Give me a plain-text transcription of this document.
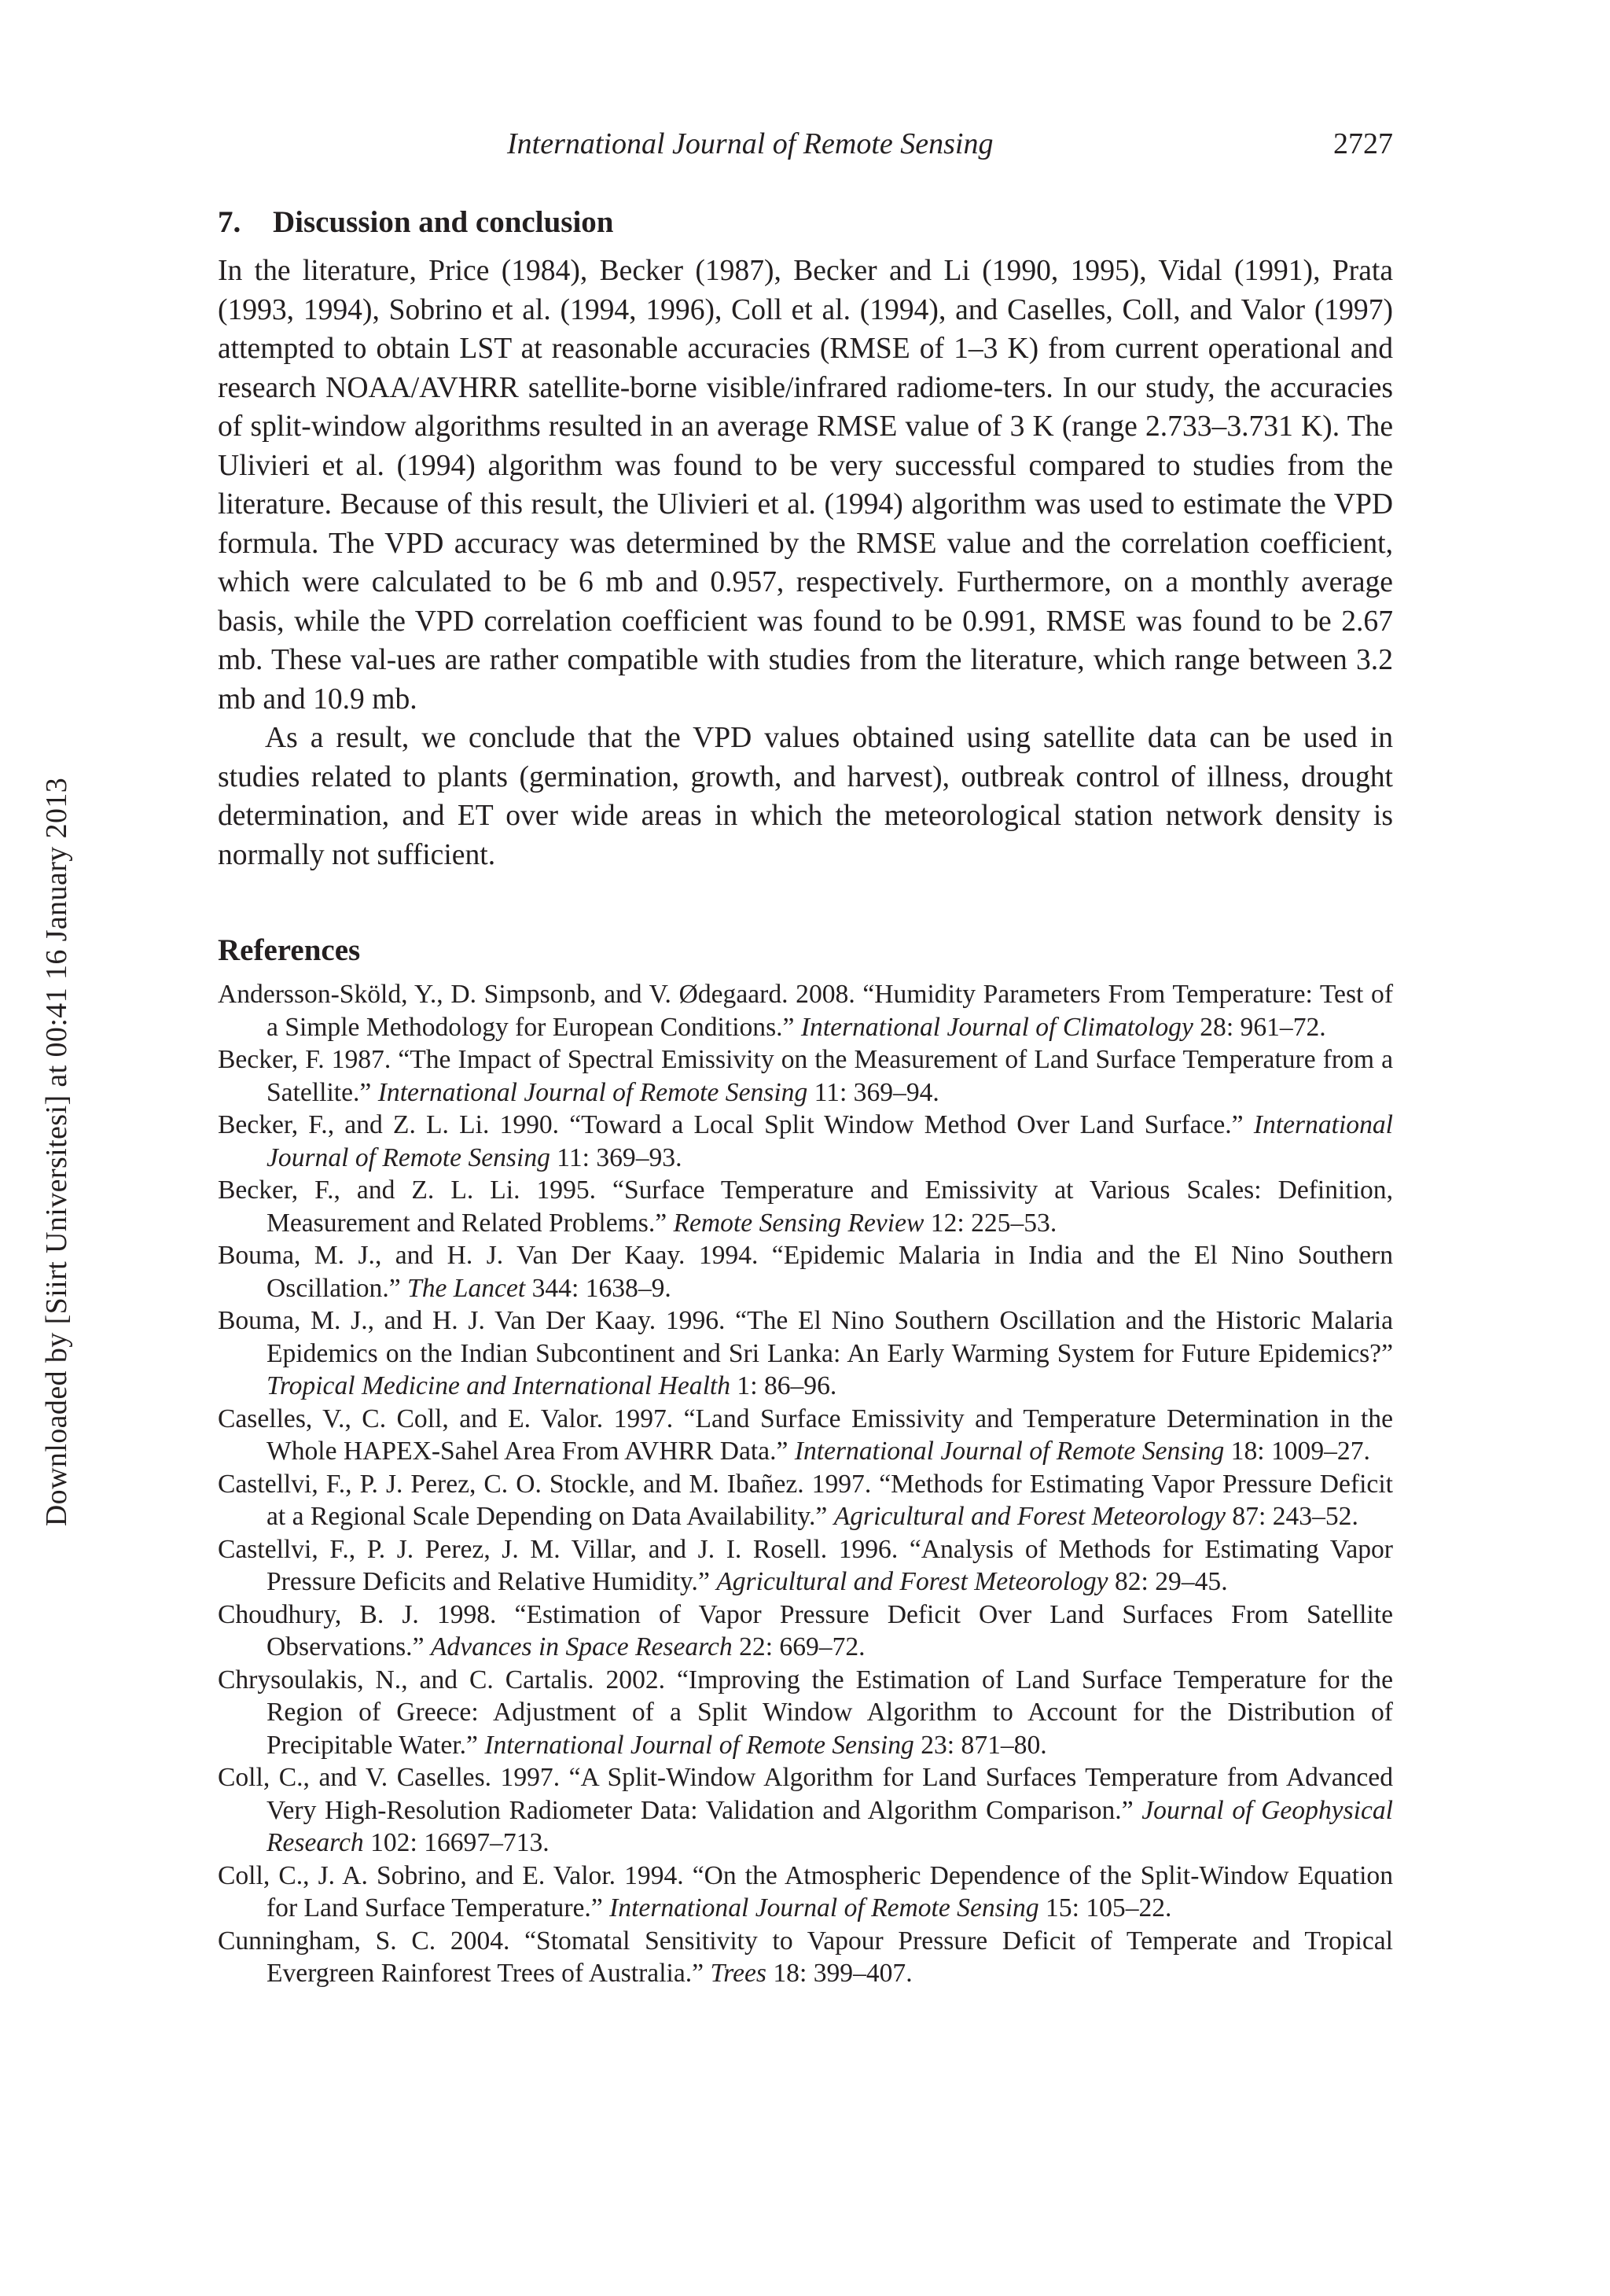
International Journal of Remote Sensing	2727
Downloaded by [Siirt Universitesi] at 00:41 16 January 2013
7. Discussion and conclusion

In the literature, Price (1984), Becker (1987), Becker and Li (1990, 1995), Vidal (1991), Prata (1993, 1994), Sobrino et al. (1994, 1996), Coll et al. (1994), and Caselles, Coll, and Valor (1997) attempted to obtain LST at reasonable accuracies (RMSE of 1–3 K) from current operational and research NOAA/AVHRR satellite-borne visible/infrared radiome-ters. In our study, the accuracies of split-window algorithms resulted in an average RMSE value of 3 K (range 2.733–3.731 K). The Ulivieri et al. (1994) algorithm was found to be very successful compared to studies from the literature. Because of this result, the Ulivieri et al. (1994) algorithm was used to estimate the VPD formula. The VPD accuracy was determined by the RMSE value and the correlation coefficient, which were calculated to be 6 mb and 0.957, respectively. Furthermore, on a monthly average basis, while the VPD correlation coefficient was found to be 0.991, RMSE was found to be 2.67 mb. These val-ues are rather compatible with studies from the literature, which range between 3.2 mb and 10.9 mb.

As a result, we conclude that the VPD values obtained using satellite data can be used in studies related to plants (germination, growth, and harvest), outbreak control of illness, drought determination, and ET over wide areas in which the meteorological station network density is normally not sufficient.

References
Andersson-Sköld, Y., D. Simpsonb, and V. Ødegaard. 2008. “Humidity Parameters From Temperature: Test of a Simple Methodology for European Conditions.” International Journal of Climatology 28: 961–72.
Becker, F. 1987. “The Impact of Spectral Emissivity on the Measurement of Land Surface Temperature from a Satellite.” International Journal of Remote Sensing 11: 369–94.
Becker, F., and Z. L. Li. 1990. “Toward a Local Split Window Method Over Land Surface.” International Journal of Remote Sensing 11: 369–93.
Becker, F., and Z. L. Li. 1995. “Surface Temperature and Emissivity at Various Scales: Definition, Measurement and Related Problems.” Remote Sensing Review 12: 225–53.
Bouma, M. J., and H. J. Van Der Kaay. 1994. “Epidemic Malaria in India and the El Nino Southern Oscillation.” The Lancet 344: 1638–9.
Bouma, M. J., and H. J. Van Der Kaay. 1996. “The El Nino Southern Oscillation and the Historic Malaria Epidemics on the Indian Subcontinent and Sri Lanka: An Early Warming System for Future Epidemics?” Tropical Medicine and International Health 1: 86–96.
Caselles, V., C. Coll, and E. Valor. 1997. “Land Surface Emissivity and Temperature Determination in the Whole HAPEX-Sahel Area From AVHRR Data.” International Journal of Remote Sensing 18: 1009–27.
Castellvi, F., P. J. Perez, C. O. Stockle, and M. Ibañez. 1997. “Methods for Estimating Vapor Pressure Deficit at a Regional Scale Depending on Data Availability.” Agricultural and Forest Meteorology 87: 243–52.
Castellvi, F., P. J. Perez, J. M. Villar, and J. I. Rosell. 1996. “Analysis of Methods for Estimating Vapor Pressure Deficits and Relative Humidity.” Agricultural and Forest Meteorology 82: 29–45.
Choudhury, B. J. 1998. “Estimation of Vapor Pressure Deficit Over Land Surfaces From Satellite Observations.” Advances in Space Research 22: 669–72.
Chrysoulakis, N., and C. Cartalis. 2002. “Improving the Estimation of Land Surface Temperature for the Region of Greece: Adjustment of a Split Window Algorithm to Account for the Distribution of Precipitable Water.” International Journal of Remote Sensing 23: 871–80.
Coll, C., and V. Caselles. 1997. “A Split-Window Algorithm for Land Surfaces Temperature from Advanced Very High-Resolution Radiometer Data: Validation and Algorithm Comparison.” Journal of Geophysical Research 102: 16697–713.
Coll, C., J. A. Sobrino, and E. Valor. 1994. “On the Atmospheric Dependence of the Split-Window Equation for Land Surface Temperature.” International Journal of Remote Sensing 15: 105–22.
Cunningham, S. C. 2004. “Stomatal Sensitivity to Vapour Pressure Deficit of Temperate and Tropical Evergreen Rainforest Trees of Australia.” Trees 18: 399–407.
